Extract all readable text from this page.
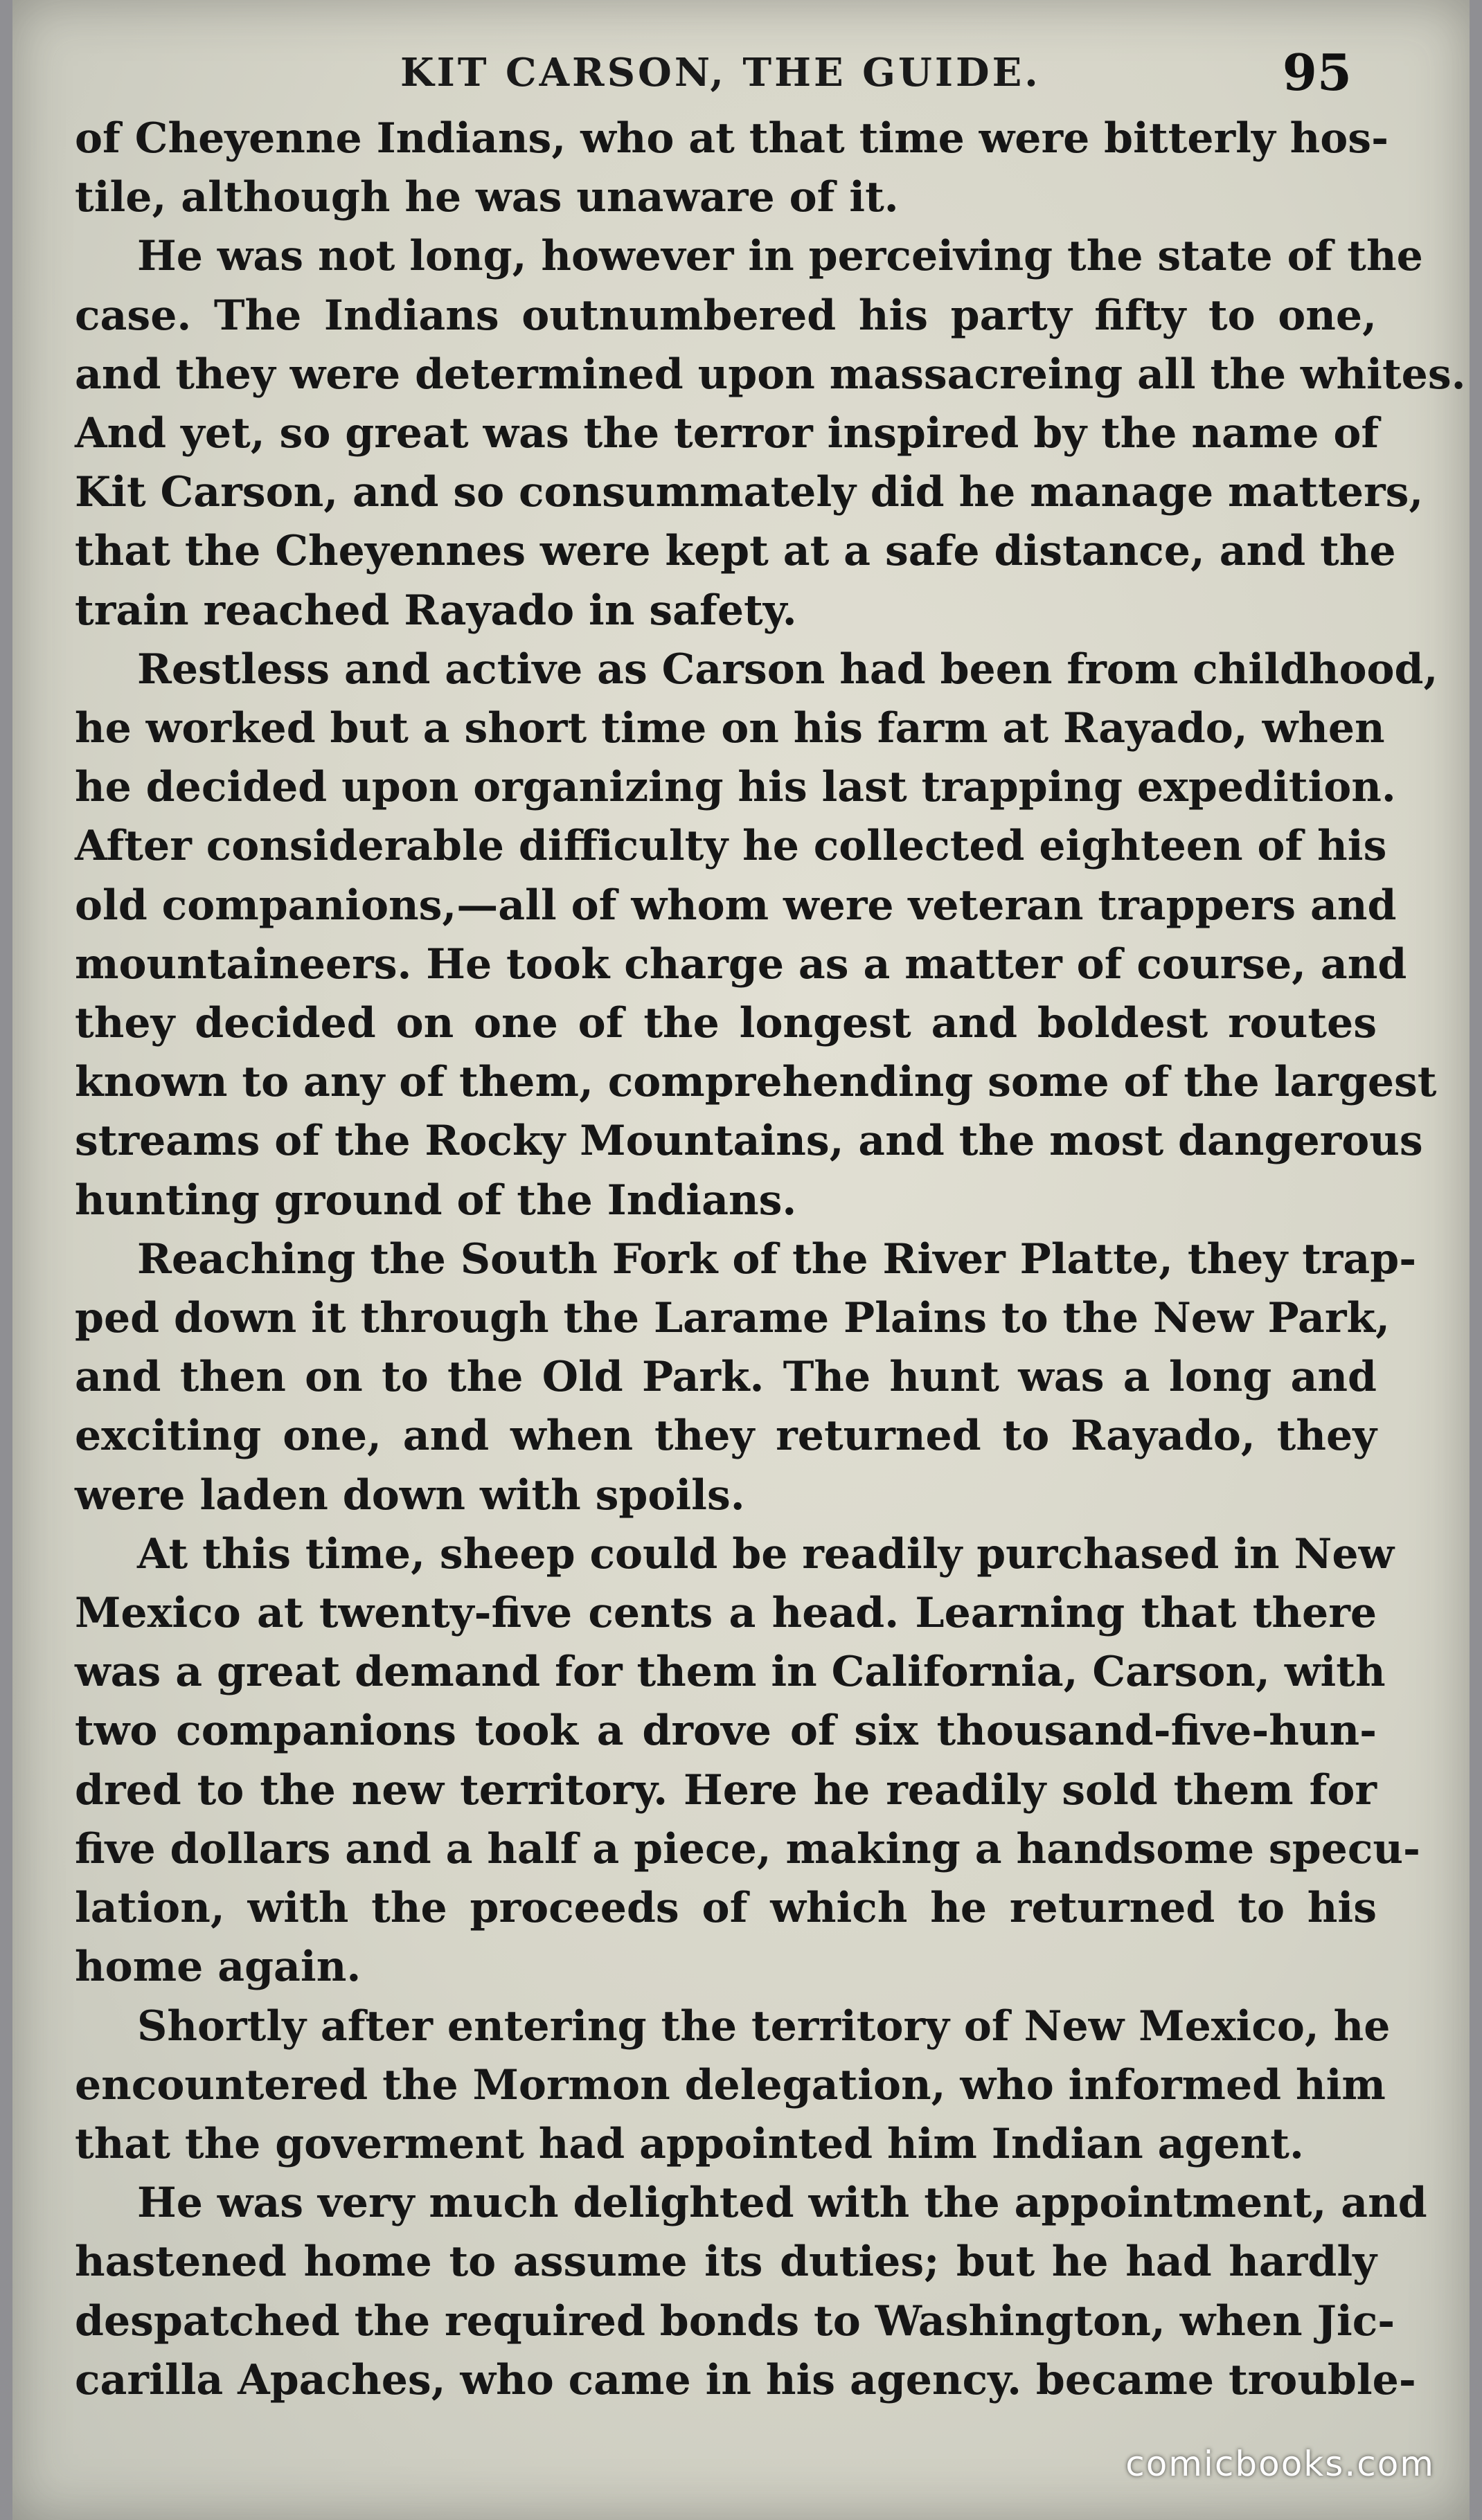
KIT CARSON, THE GUIDE.	95
of Cheyenne Indians, who at that time were bitterly hos-
tile, although he was unaware of it.
He was not long, however in perceiving the state of the
case. The Indians outnumbered his party fifty to one,
and they were determined upon massacreing all the whites.
And yet, so great was the terror inspired by the name of
Kit Carson, and so consummately did he manage matters,
that the Cheyennes were kept at a safe distance, and the
train reached Rayado in safety.
Restless and active as Carson had been from childhood,
he worked but a short time on his farm at Rayado, when
he decided upon organizing his last trapping expedition.
After considerable difficulty he collected eighteen of his
old companions,—all of whom were veteran trappers and
mountaineers. He took charge as a matter of course, and
they decided on one of the longest and boldest routes
known to any of them, comprehending some of the largest
streams of the Rocky Mountains, and the most dangerous
hunting ground of the Indians.
Reaching the South Fork of the River Platte, they trap-
ped down it through the Larame Plains to the New Park,
and then on to the Old Park. The hunt was a long and
exciting one, and when they returned to Rayado, they
were laden down with spoils.
At this time, sheep could be readily purchased in New
Mexico at twenty-five cents a head. Learning that there
was a great demand for them in California, Carson, with
two companions took a drove of six thousand-five-hun-
dred to the new territory. Here he readily sold them for
five dollars and a half a piece, making a handsome specu-
lation, with the proceeds of which he returned to his
home again.
Shortly after entering the territory of New Mexico, he
encountered the Mormon delegation, who informed him
that the goverment had appointed him Indian agent.
He was very much delighted with the appointment, and
hastened home to assume its duties; but he had hardly
despatched the required bonds to Washington, when Jic-
carilla Apaches, who came in his agency. became trouble-
comicbooks.com
